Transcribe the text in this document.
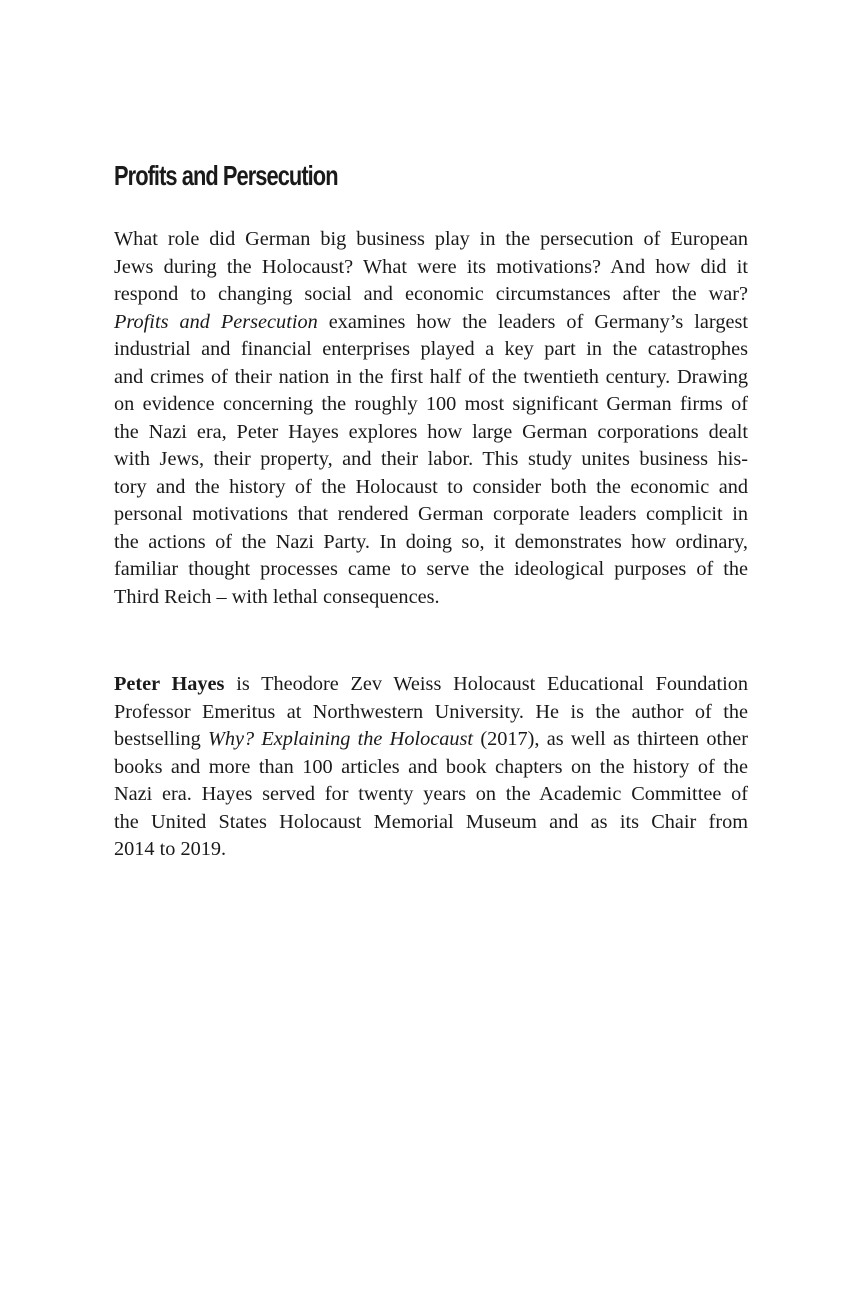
Profits and Persecution
What role did German big business play in the persecution of European
Jews during the Holocaust? What were its motivations? And how did it
respond to changing social and economic circumstances after the war?
Profits and Persecution examines how the leaders of Germany’s largest
industrial and financial enterprises played a key part in the catastrophes
and crimes of their nation in the first half of the twentieth century. Drawing
on evidence concerning the roughly 100 most significant German firms of
the Nazi era, Peter Hayes explores how large German corporations dealt
with Jews, their property, and their labor. This study unites business his-
tory and the history of the Holocaust to consider both the economic and
personal motivations that rendered German corporate leaders complicit in
the actions of the Nazi Party. In doing so, it demonstrates how ordinary,
familiar thought processes came to serve the ideological purposes of the
Third Reich – with lethal consequences.
Peter Hayes is Theodore Zev Weiss Holocaust Educational Foundation
Professor Emeritus at Northwestern University. He is the author of the
bestselling Why? Explaining the Holocaust (2017), as well as thirteen other
books and more than 100 articles and book chapters on the history of the
Nazi era. Hayes served for twenty years on the Academic Committee of
the United States Holocaust Memorial Museum and as its Chair from
2014 to 2019.
